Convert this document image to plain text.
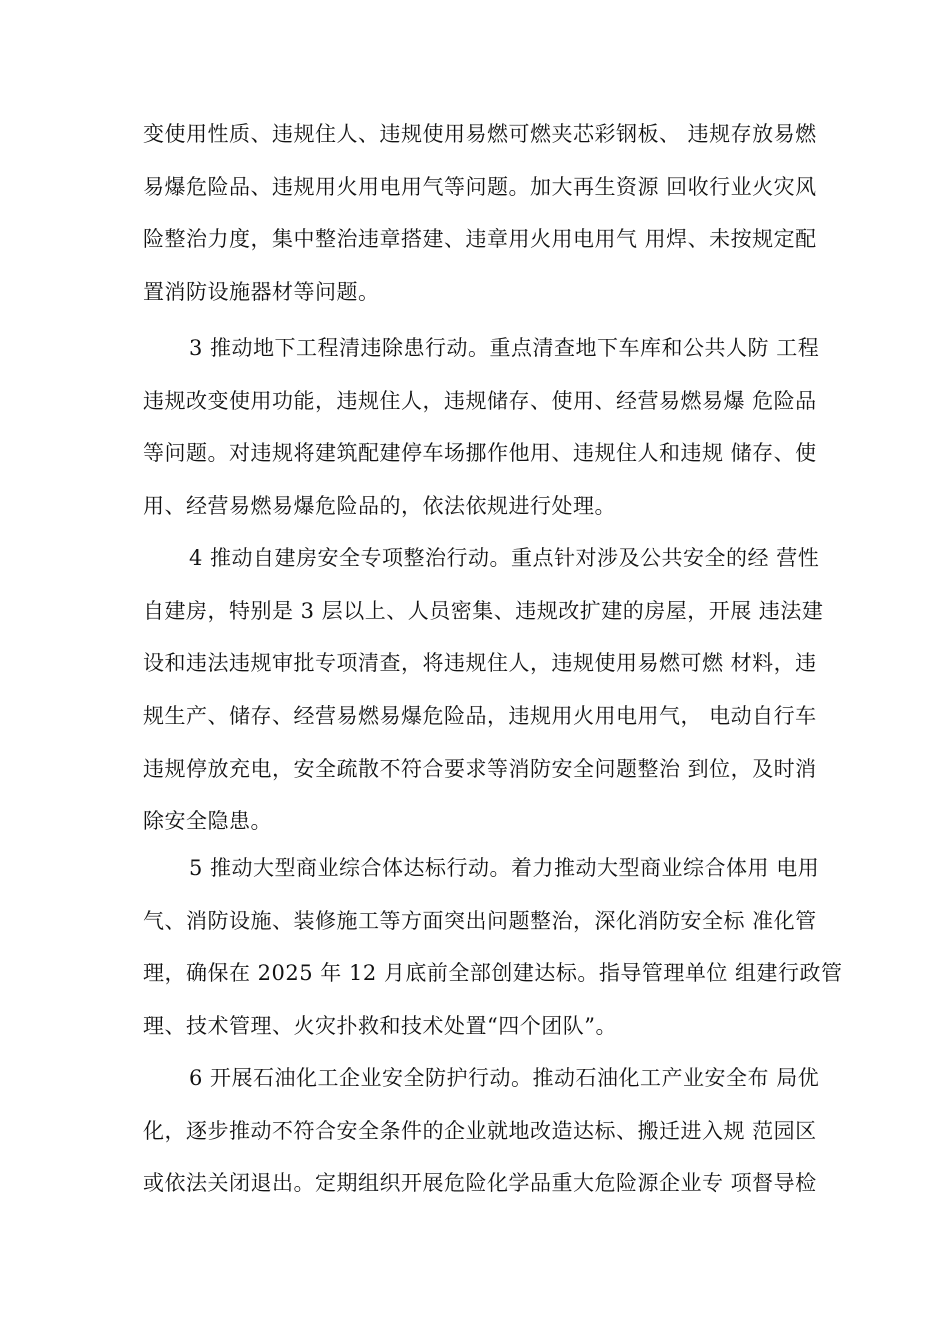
变使用性质、违规住人、违规使用易燃可燃夹芯彩钢板、 违规存放易燃
易爆危险品、违规用火用电用气等问题。加大再生资源 回收行业火灾风
险整治力度，集中整治违章搭建、违章用火用电用气 用焊、未按规定配
置消防设施器材等问题。
3 推动地下工程清违除患行动。重点清查地下车库和公共人防 工程
违规改变使用功能，违规住人，违规储存、使用、经营易燃易爆 危险品
等问题。对违规将建筑配建停车场挪作他用、违规住人和违规 储存、使
用、经营易燃易爆危险品的，依法依规进行处理。
4 推动自建房安全专项整治行动。重点针对涉及公共安全的经 营性
自建房，特别是 3 层以上、人员密集、违规改扩建的房屋，开展 违法建
设和违法违规审批专项清查，将违规住人，违规使用易燃可燃 材料，违
规生产、储存、经营易燃易爆危险品，违规用火用电用气， 电动自行车
违规停放充电，安全疏散不符合要求等消防安全问题整治 到位，及时消
除安全隐患。
5 推动大型商业综合体达标行动。着力推动大型商业综合体用 电用
气、消防设施、装修施工等方面突出问题整治，深化消防安全标 准化管
理，确保在 2025 年 12 月底前全部创建达标。指导管理单位 组建行政管
理、技术管理、火灾扑救和技术处置“四个团队”。
6 开展石油化工企业安全防护行动。推动石油化工产业安全布 局优
化，逐步推动不符合安全条件的企业就地改造达标、搬迁进入规 范园区
或依法关闭退出。定期组织开展危险化学品重大危险源企业专 项督导检
